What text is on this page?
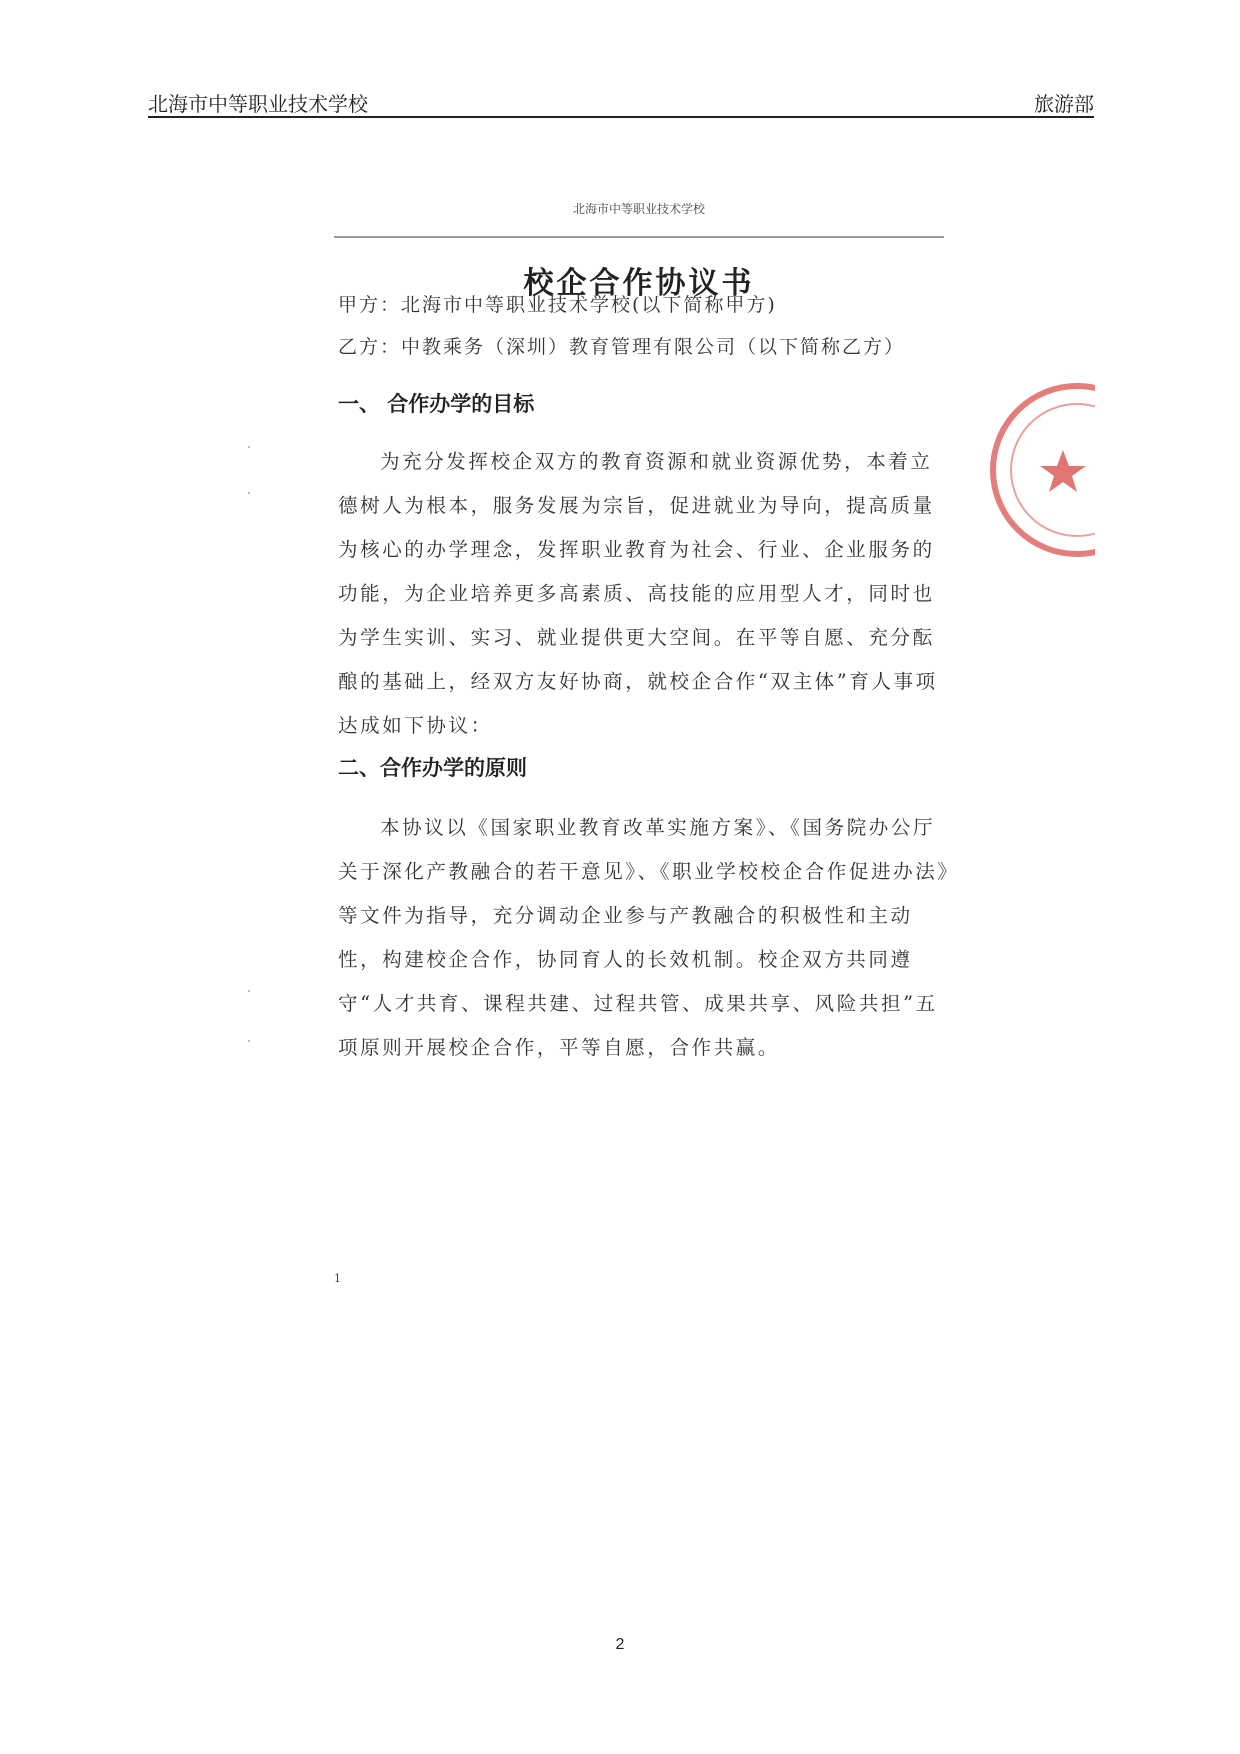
北海市中等职业技术学校	旅游部
北海市中等职业技术学校
校企合作协议书
甲方：北海市中等职业技术学校(以下简称甲方)
乙方：中教乘务（深圳）教育管理有限公司（以下简称乙方）
一、 合作办学的目标

为充分发挥校企双方的教育资源和就业资源优势，本着立德树人为根本，服务发展为宗旨，促进就业为导向，提高质量为核心的办学理念，发挥职业教育为社会、行业、企业服务的功能，为企业培养更多高素质、高技能的应用型人才，同时也为学生实训、实习、就业提供更大空间。在平等自愿、充分酝酿的基础上，经双方友好协商，就校企合作“双主体”育人事项达成如下协议：

二、合作办学的原则

本协议以《国家职业教育改革实施方案》、《国务院办公厅关于深化产教融合的若干意见》、《职业学校校企合作促进办法》等文件为指导，充分调动企业参与产教融合的积极性和主动性，构建校企合作，协同育人的长效机制。校企双方共同遵守“人才共育、课程共建、过程共管、成果共享、风险共担”五项原则开展校企合作，平等自愿，合作共赢。

1
2
